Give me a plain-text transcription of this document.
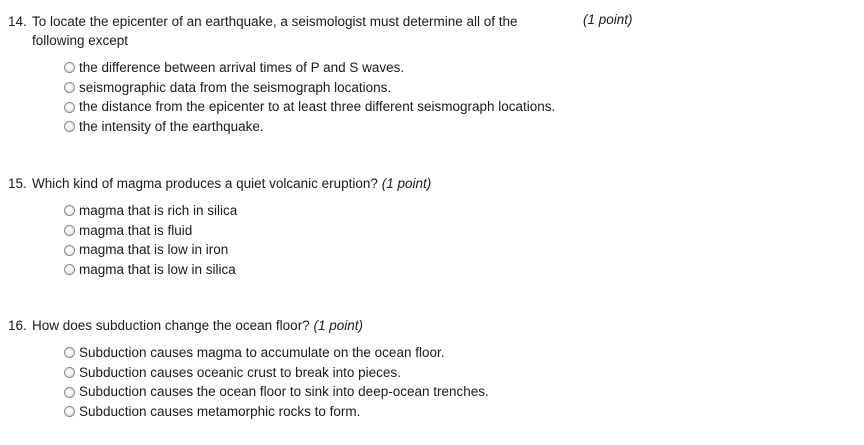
14. To locate the epicenter of an earthquake, a seismologist must determine all of the following except
(1 point)
the difference between arrival times of P and S waves.
seismographic data from the seismograph locations.
the distance from the epicenter to at least three different seismograph locations.
the intensity of the earthquake.
15. Which kind of magma produces a quiet volcanic eruption? (1 point)
magma that is rich in silica
magma that is fluid
magma that is low in iron
magma that is low in silica
16. How does subduction change the ocean floor? (1 point)
Subduction causes magma to accumulate on the ocean floor.
Subduction causes oceanic crust to break into pieces.
Subduction causes the ocean floor to sink into deep-ocean trenches.
Subduction causes metamorphic rocks to form.
